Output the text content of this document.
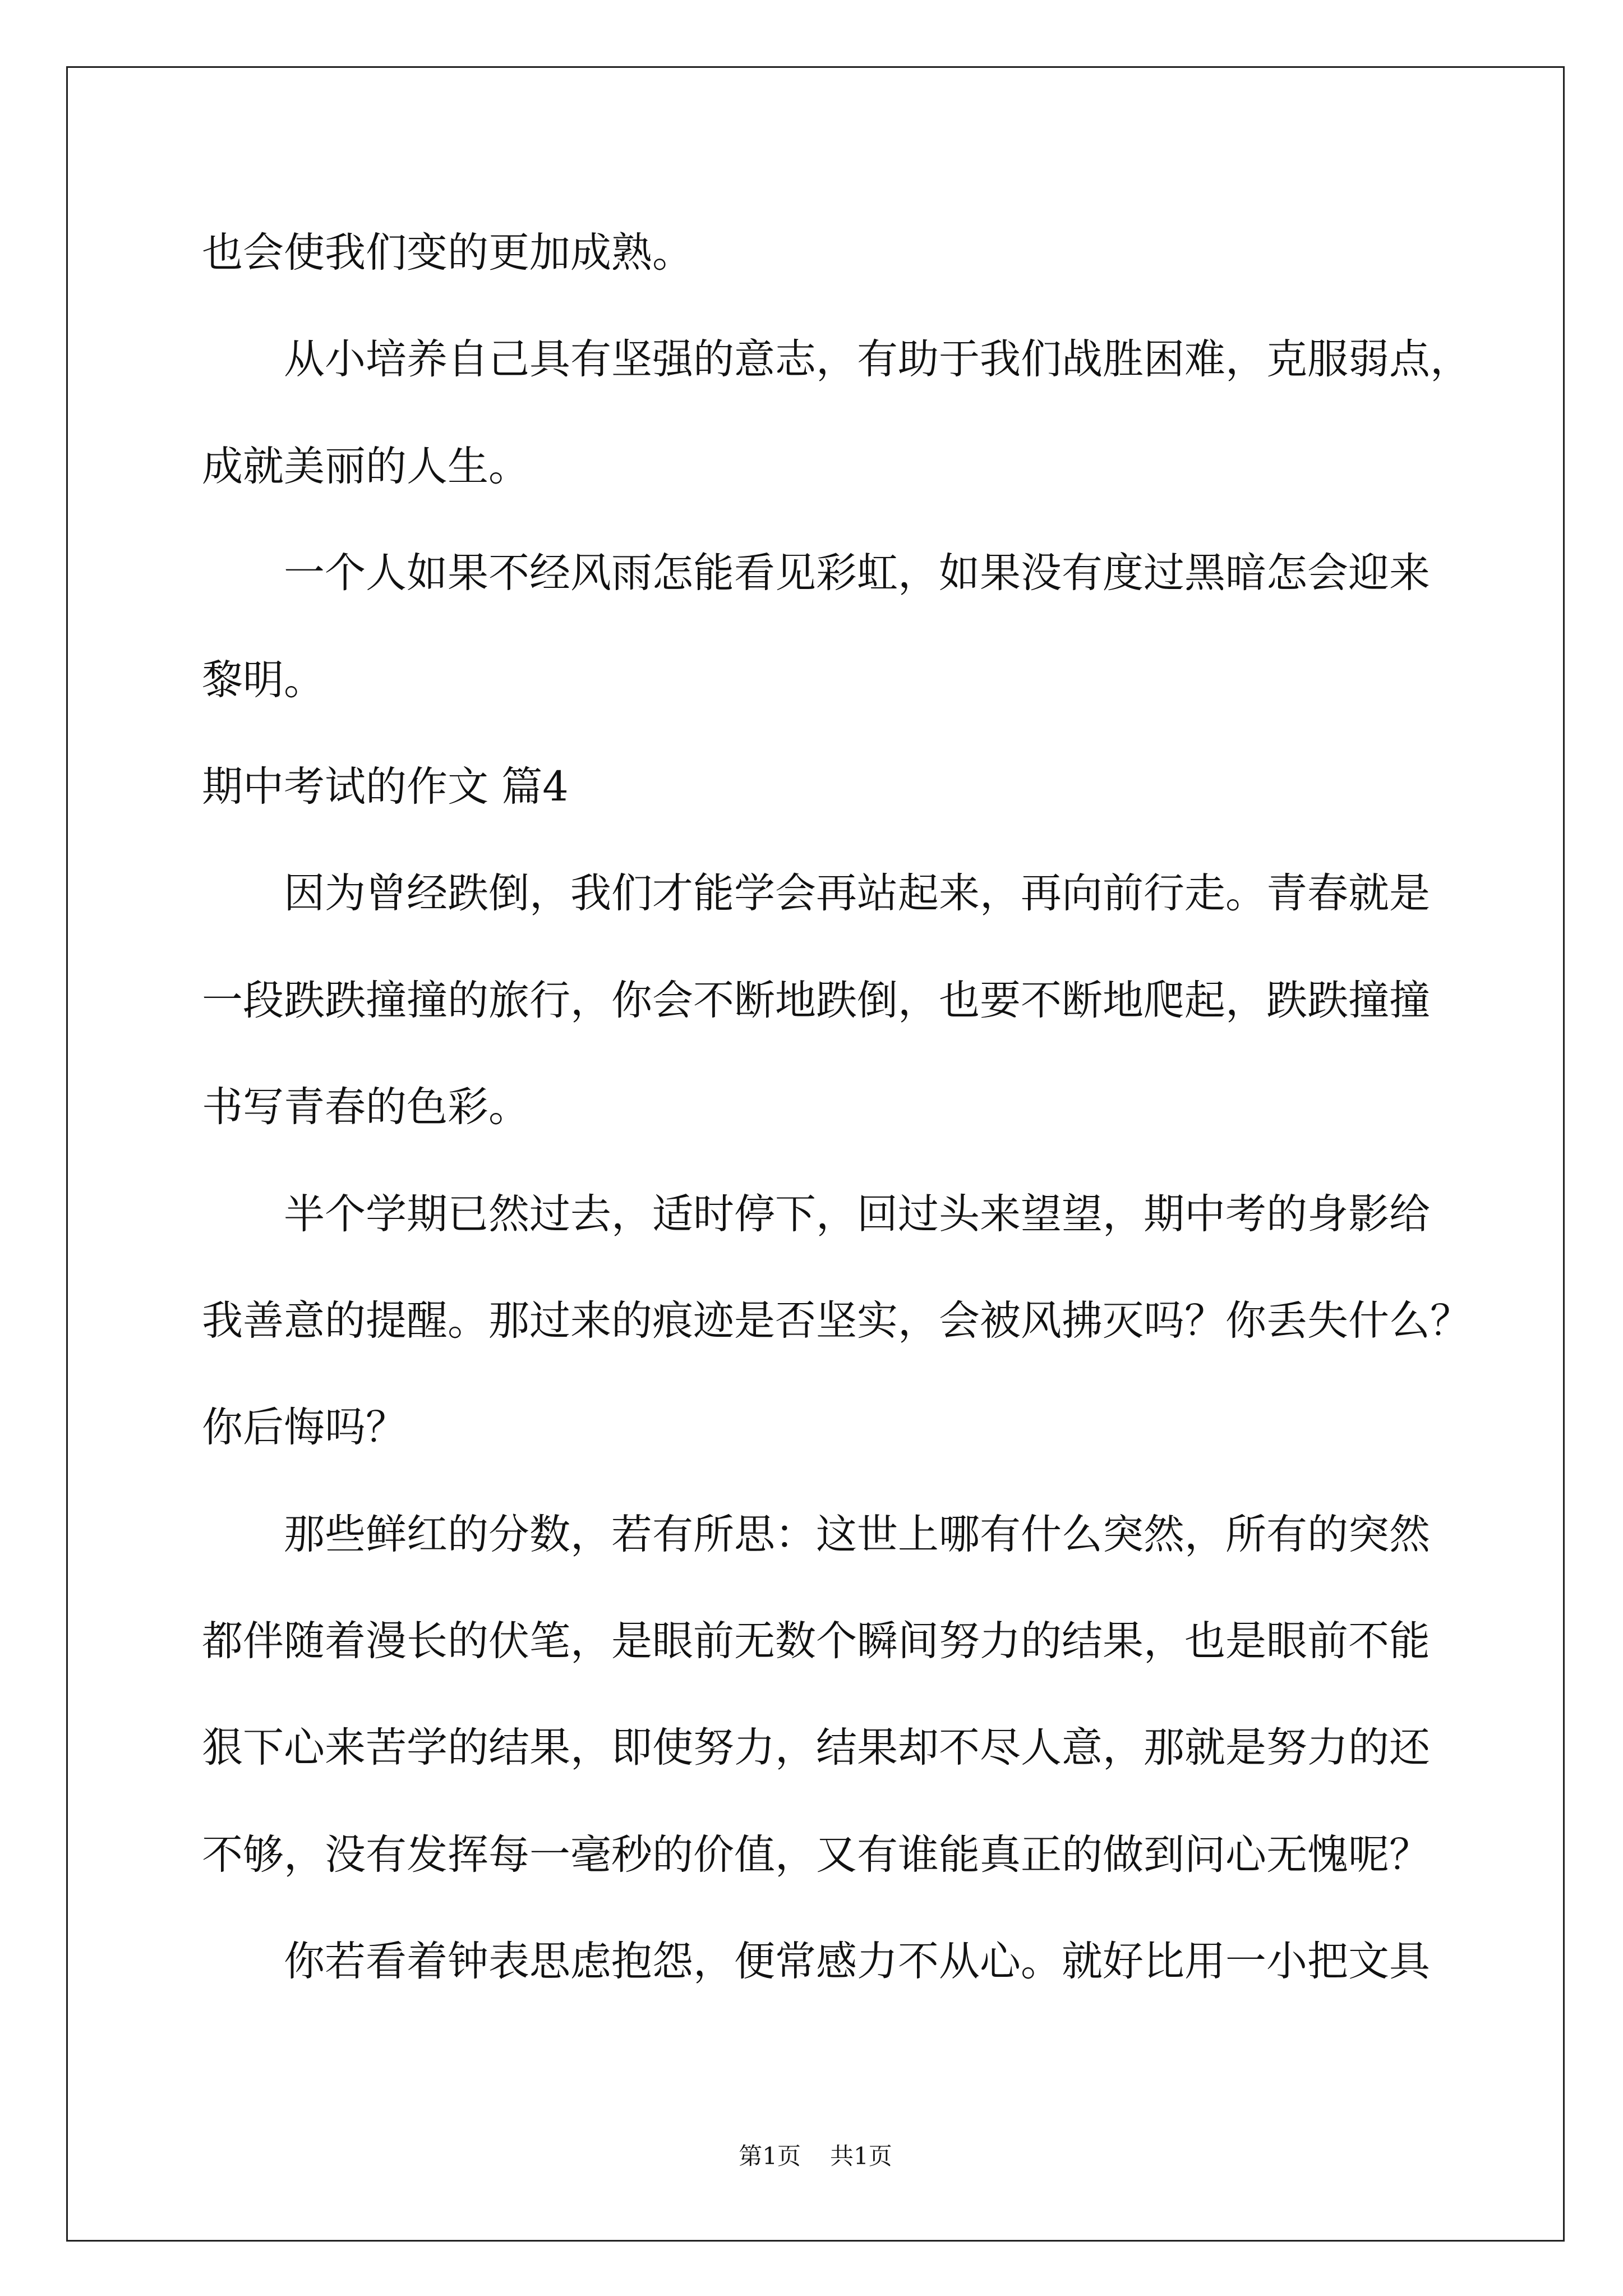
也会使我们变的更加成熟。
从小培养自己具有坚强的意志，有助于我们战胜困难，克服弱点，
成就美丽的人生。
一个人如果不经风雨怎能看见彩虹，如果没有度过黑暗怎会迎来
黎明。
期中考试的作文 篇4
因为曾经跌倒，我们才能学会再站起来，再向前行走。青春就是
一段跌跌撞撞的旅行，你会不断地跌倒，也要不断地爬起，跌跌撞撞
书写青春的色彩。
半个学期已然过去，适时停下，回过头来望望，期中考的身影给
我善意的提醒。那过来的痕迹是否坚实，会被风拂灭吗？你丢失什么？
你后悔吗？
那些鲜红的分数，若有所思：这世上哪有什么突然，所有的突然
都伴随着漫长的伏笔，是眼前无数个瞬间努力的结果，也是眼前不能
狠下心来苦学的结果，即使努力，结果却不尽人意，那就是努力的还
不够，没有发挥每一毫秒的价值，又有谁能真正的做到问心无愧呢？
你若看着钟表思虑抱怨，便常感力不从心。就好比用一小把文具
第1页 共1页
